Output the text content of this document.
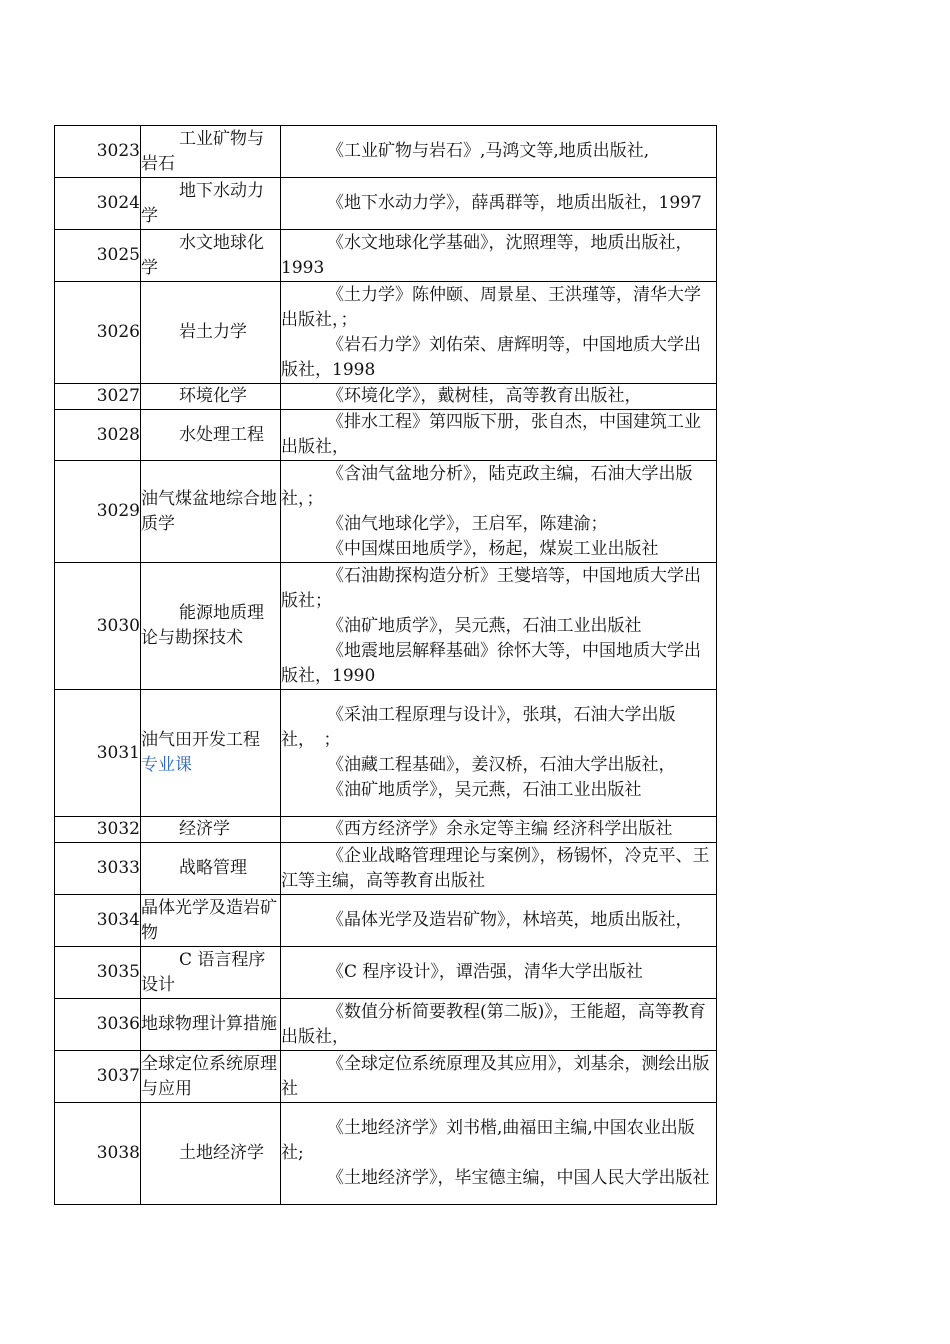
3023	工业矿物与岩石	《工业矿物与岩石》,马鸿文等,地质出版社,

3024	地下水动力学	《地下水动力学》，薛禹群等，地质出版社，1997

3025	水文地球化学	《水文地球化学基础》，沈照理等，地质出版社，1993

3026	岩土力学	《土力学》陈仲颐、周景星、王洪瑾等，清华大学出版社，；
《岩石力学》刘佑荣、唐辉明等，中国地质大学出版社，1998

3027	环境化学	《环境化学》，戴树桂，高等教育出版社，

3028	水处理工程	《排水工程》第四版下册，张自杰，中国建筑工业出版社，

3029	油气煤盆地综合地质学	《含油气盆地分析》，陆克政主编，石油大学出版社，；
《油气地球化学》，王启军，陈建渝；
《中国煤田地质学》，杨起，煤炭工业出版社

3030	能源地质理论与勘探技术	《石油勘探构造分析》王燮培等，中国地质大学出版社；
《油矿地质学》，吴元燕，石油工业出版社
《地震地层解释基础》徐怀大等，中国地质大学出版社，1990

3031	油气田开发工程
专业课	《采油工程原理与设计》，张琪，石油大学出版社，　；
《油藏工程基础》，姜汉桥，石油大学出版社，
《油矿地质学》，吴元燕，石油工业出版社

3032	经济学	《西方经济学》余永定等主编 经济科学出版社

3033	战略管理	《企业战略管理理论与案例》，杨锡怀，冷克平、王江等主编，高等教育出版社

3034	晶体光学及造岩矿物	《晶体光学及造岩矿物》，林培英，地质出版社，

3035	C 语言程序设计	《C 程序设计》，谭浩强，清华大学出版社

3036	地球物理计算措施	《数值分析简要教程(第二版)》，王能超，高等教育出版社，

3037	全球定位系统原理与应用	《全球定位系统原理及其应用》，刘基余，测绘出版社

3038	土地经济学	《土地经济学》刘书楷,曲福田主编,中国农业出版社;
《土地经济学》，毕宝德主编，中国人民大学出版社
